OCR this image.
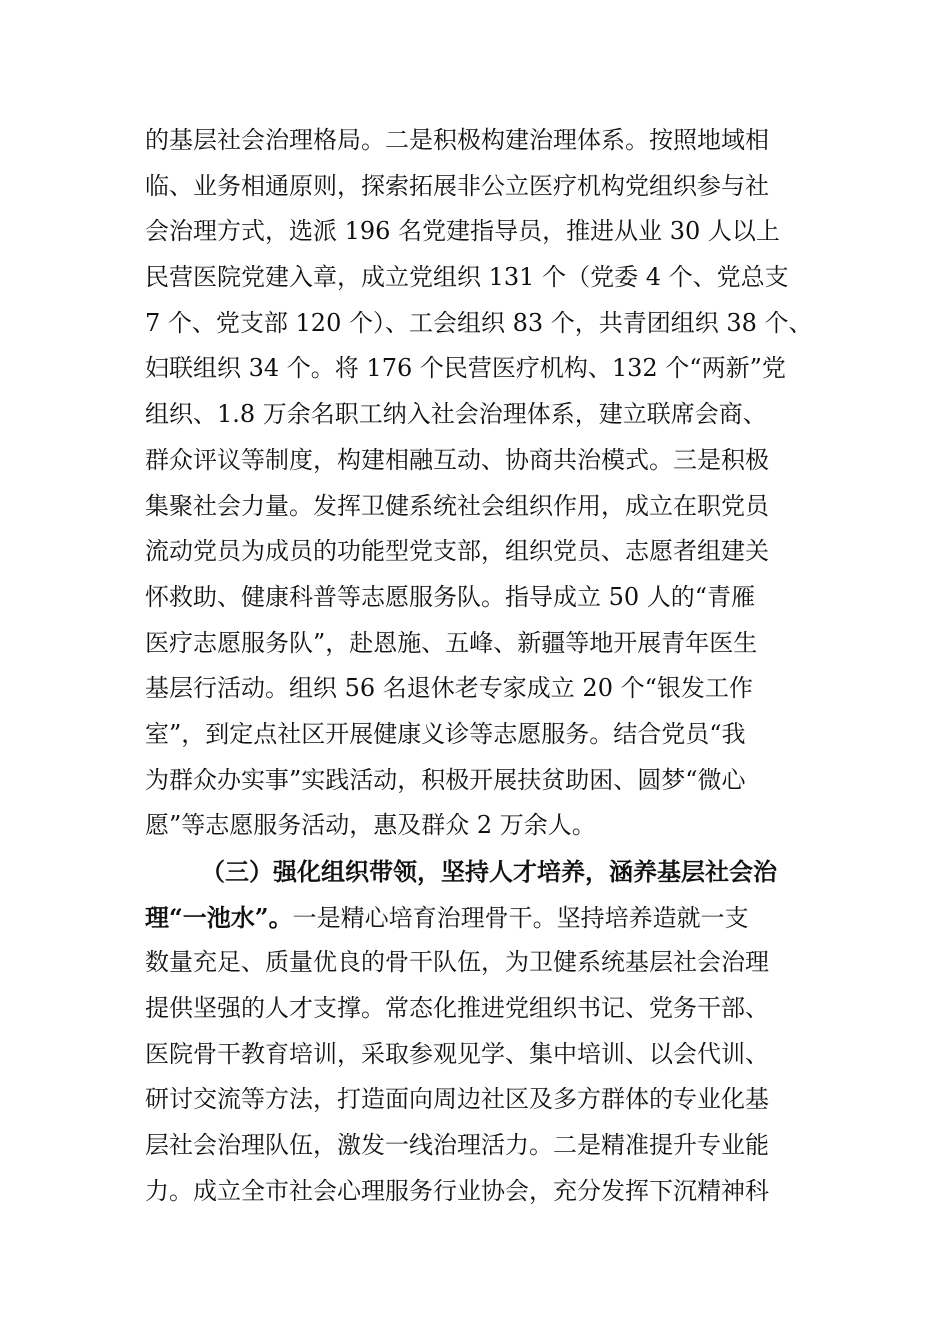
的基层社会治理格局。二是积极构建治理体系。按照地域相
临、业务相通原则，探索拓展非公立医疗机构党组织参与社
会治理方式，选派 196 名党建指导员，推进从业 30 人以上
民营医院党建入章，成立党组织 131 个（党委 4 个、党总支
7 个、党支部 120 个）、工会组织 83 个，共青团组织 38 个、
妇联组织 34 个。将 176 个民营医疗机构、132 个“两新”党
组织、1.8 万余名职工纳入社会治理体系，建立联席会商、
群众评议等制度，构建相融互动、协商共治模式。三是积极
集聚社会力量。发挥卫健系统社会组织作用，成立在职党员
流动党员为成员的功能型党支部，组织党员、志愿者组建关
怀救助、健康科普等志愿服务队。指导成立 50 人的“青雁
医疗志愿服务队”，赴恩施、五峰、新疆等地开展青年医生
基层行活动。组织 56 名退休老专家成立 20 个“银发工作
室”，到定点社区开展健康义诊等志愿服务。结合党员“我
为群众办实事”实践活动，积极开展扶贫助困、圆梦“微心
愿”等志愿服务活动，惠及群众 2 万余人。
（三）强化组织带领，坚持人才培养，涵养基层社会治
理“一池水”。一是精心培育治理骨干。坚持培养造就一支
数量充足、质量优良的骨干队伍，为卫健系统基层社会治理
提供坚强的人才支撑。常态化推进党组织书记、党务干部、
医院骨干教育培训，采取参观见学、集中培训、以会代训、
研讨交流等方法，打造面向周边社区及多方群体的专业化基
层社会治理队伍，激发一线治理活力。二是精准提升专业能
力。成立全市社会心理服务行业协会，充分发挥下沉精神科
